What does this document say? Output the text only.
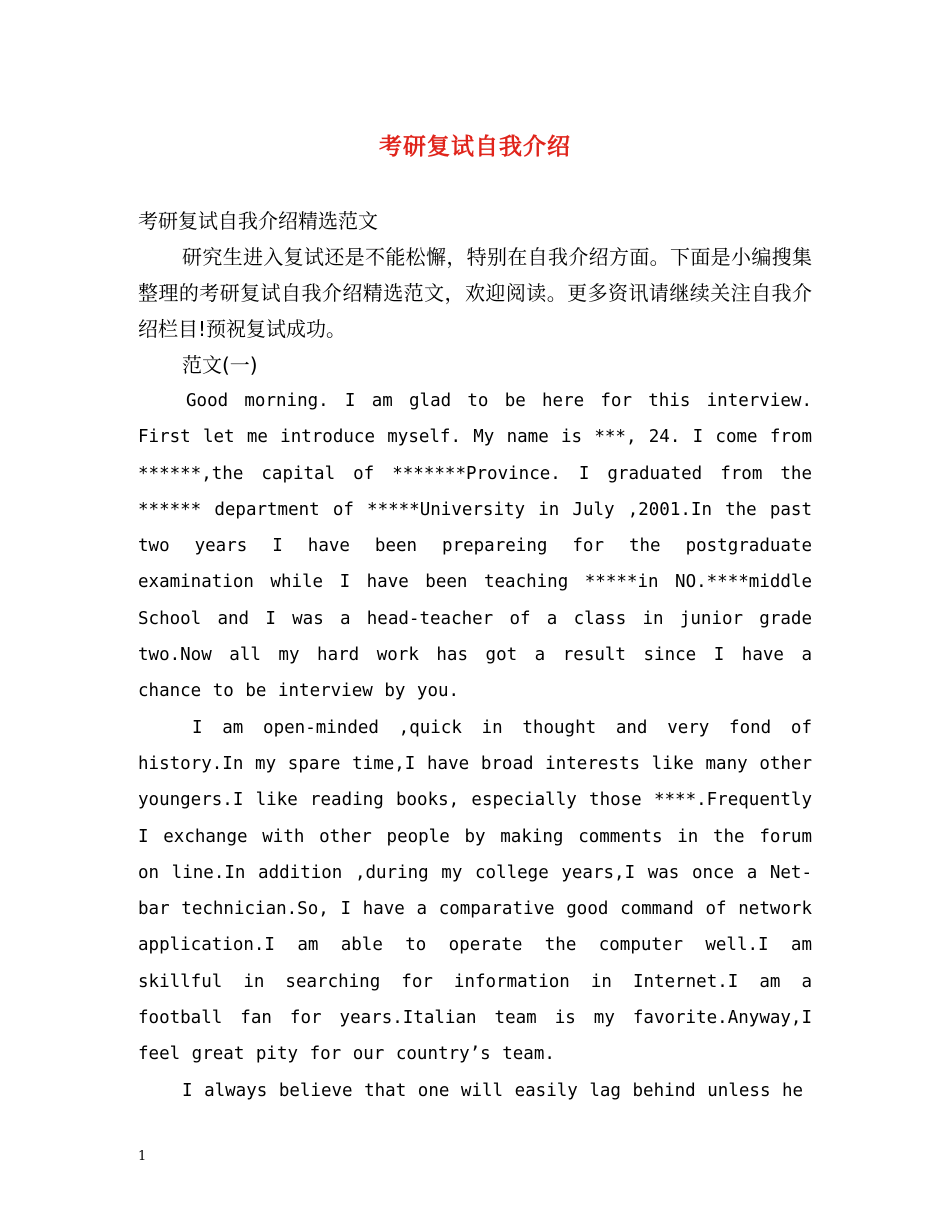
考研复试自我介绍

考研复试自我介绍精选范文

研究生进入复试还是不能松懈，特别在自我介绍方面。下面是小编搜集整理的考研复试自我介绍精选范文，欢迎阅读。更多资讯请继续关注自我介绍栏目!预祝复试成功。

范文(一)

Good morning. I am glad to be here for this interview. First let me introduce myself. My name is ***, 24. I come from ******,the capital of *******Province. I graduated from the ****** department of *****University in July ,2001.In the past two years I have been prepareing for the postgraduate examination while I have been teaching *****in NO.****middle School and I was a head-teacher of a class in junior grade two.Now all my hard work has got a result since I have a chance to be interview by you.

I am open-minded ,quick in thought and very fond of history.In my spare time,I have broad interests like many other youngers.I like reading books, especially those ****.Frequently I exchange with other people by making comments in the forum on line.In addition ,during my college years,I was once a Net-bar technician.So, I have a comparative good command of network application.I am able to operate the computer well.I am skillful in searching for information in Internet.I am a football fan for years.Italian team is my favorite.Anyway,I feel great pity for our country’s team.

I always believe that one will easily lag behind unless he

1
